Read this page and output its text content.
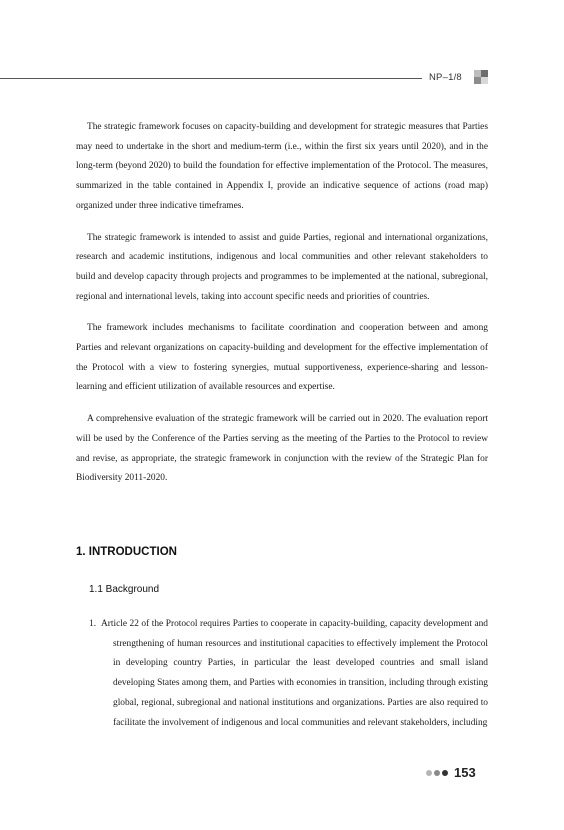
NP–1/8

The strategic framework focuses on capacity-building and development for strategic measures that Parties may need to undertake in the short and medium-term (i.e., within the first six years until 2020), and in the long-term (beyond 2020) to build the foundation for effective implementation of the Protocol. The measures, summarized in the table contained in Appendix I, provide an indicative sequence of actions (road map) organized under three indicative timeframes.

The strategic framework is intended to assist and guide Parties, regional and international organizations, research and academic institutions, indigenous and local communities and other relevant stakeholders to build and develop capacity through projects and programmes to be implemented at the national, subregional, regional and international levels, taking into account specific needs and priorities of countries.

The framework includes mechanisms to facilitate coordination and cooperation between and among Parties and relevant organizations on capacity-building and development for the effective implementation of the Protocol with a view to fostering synergies, mutual supportiveness, experience-sharing and lesson-learning and efficient utilization of available resources and expertise.

A comprehensive evaluation of the strategic framework will be carried out in 2020. The evaluation report will be used by the Conference of the Parties serving as the meeting of the Parties to the Protocol to review and revise, as appropriate, the strategic framework in conjunction with the review of the Strategic Plan for Biodiversity 2011-2020.

1. INTRODUCTION
1.1 Background
1. Article 22 of the Protocol requires Parties to cooperate in capacity-building, capacity development and strengthening of human resources and institutional capacities to effectively implement the Protocol in developing country Parties, in particular the least developed countries and small island developing States among them, and Parties with economies in transition, including through existing global, regional, subregional and national institutions and organizations. Parties are also required to facilitate the involvement of indigenous and local communities and relevant stakeholders, including

153
